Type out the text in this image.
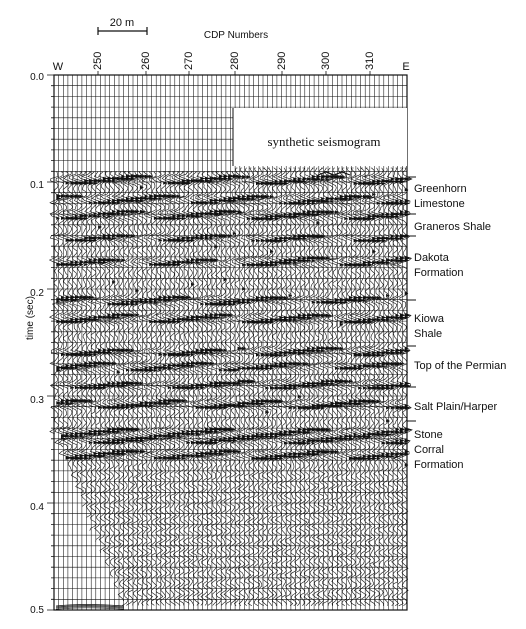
20 m
CDP Numbers
250	260	270	280	290	300	310
W	E
0.0
0.1
0.2
0.3
0.4
0.5
time (sec)
synthetic seismogram
Greenhorn Limestone
Graneros Shale
Dakota Formation
Kiowa Shale
Top of the Permian
Salt Plain/Harper
Stone Corral Formation
